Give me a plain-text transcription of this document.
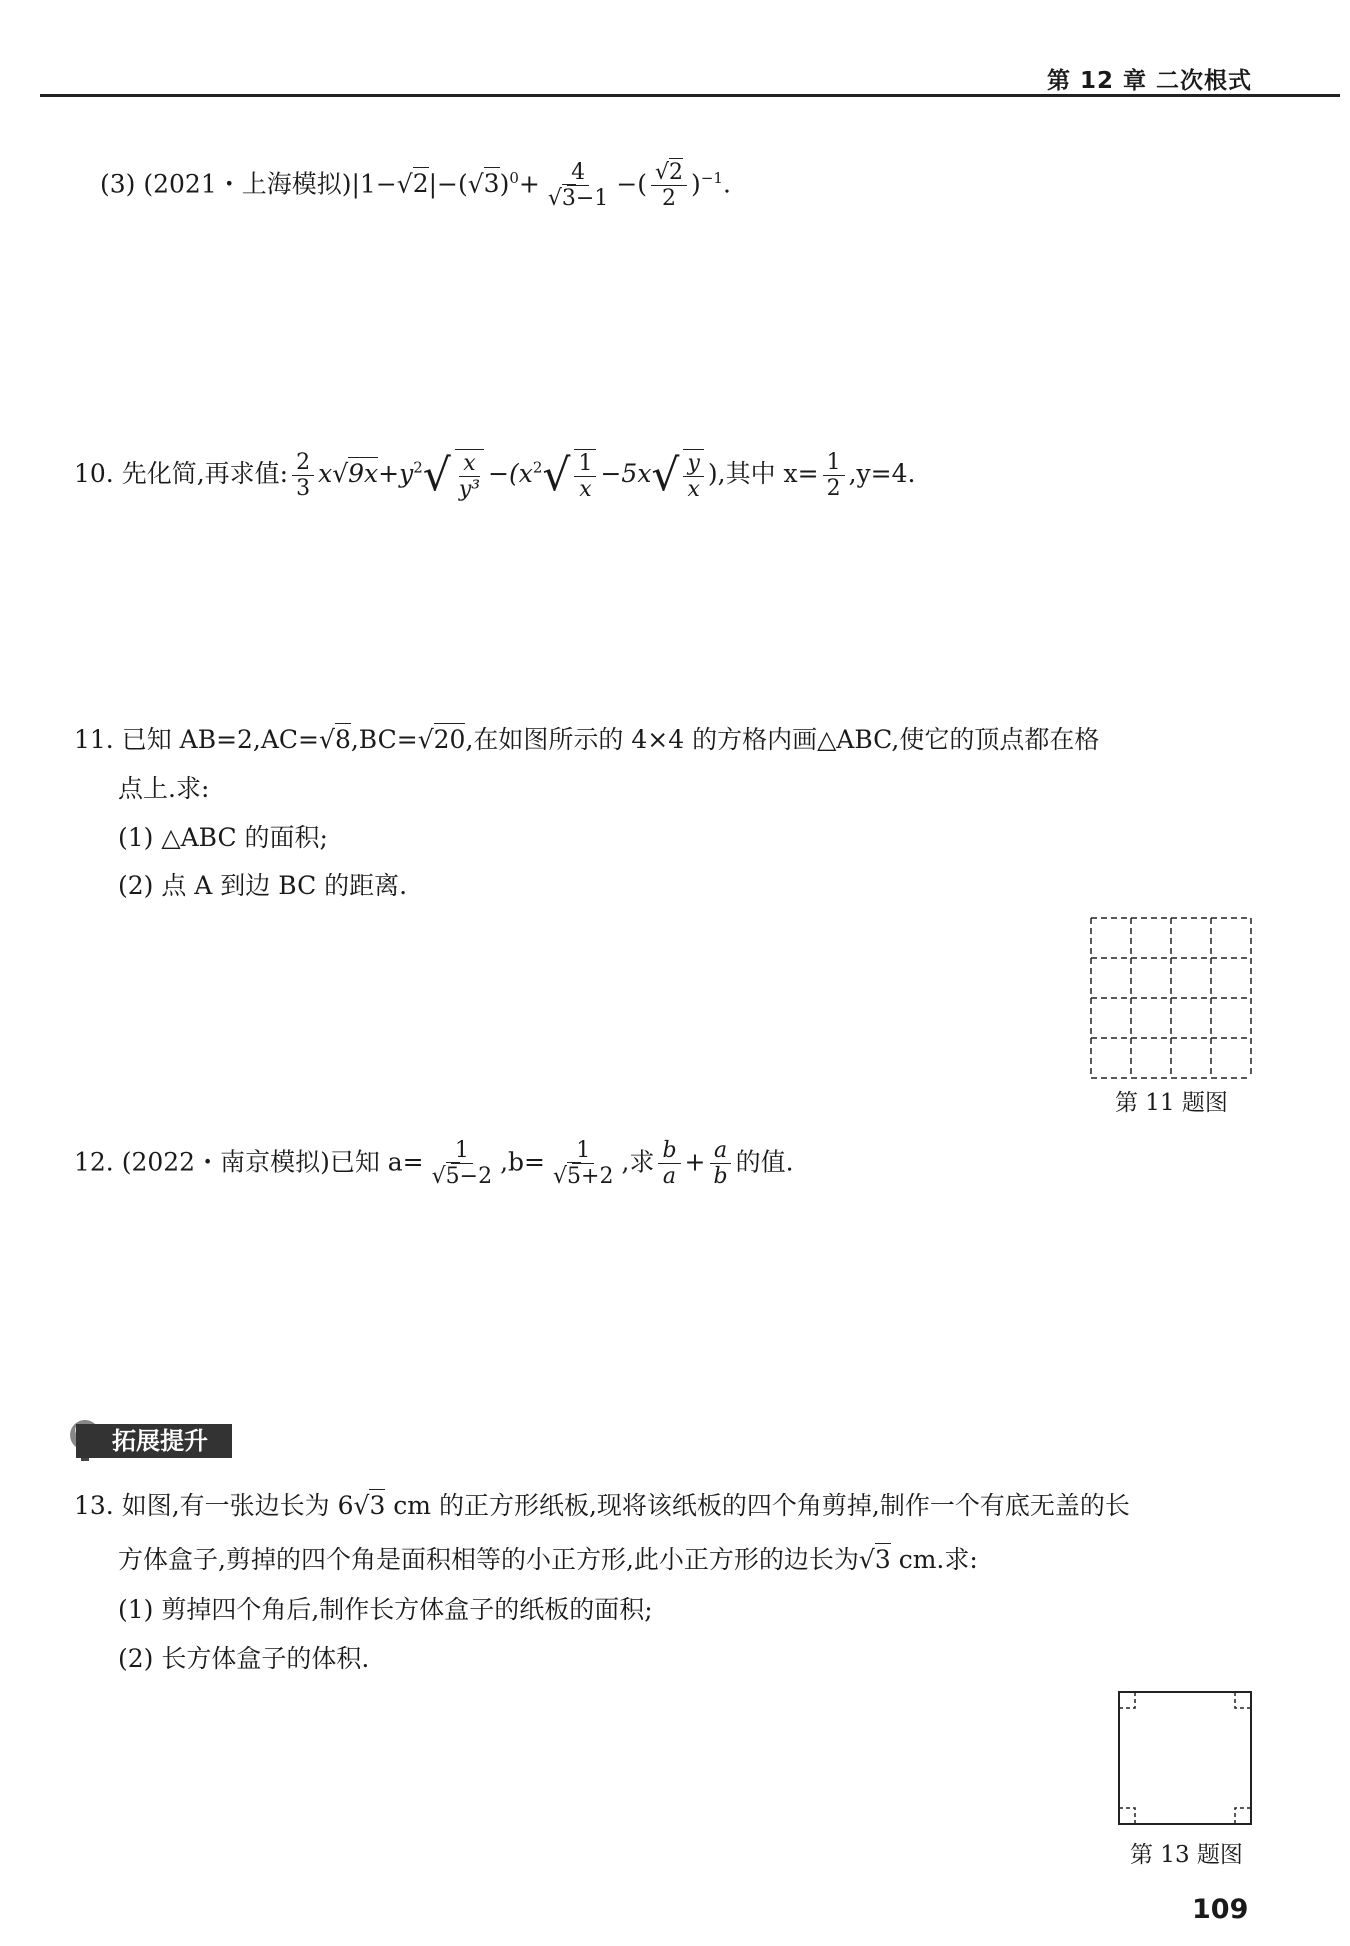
第 12 章 二次根式
(3) (2021・上海模拟)$|1-√2|-(√3)^0+ \frac{4}{√3-1}$ −( $\frac{√2}{2} )^{-1}$.
10. 先化简,再求值: $\frac{2}{3} x√9x+y^2√ \frac{x}{\text{y³}} -(x^2√ \frac{1}{x} -5x√ \frac{y}{x}$ ),其中 $x= \frac{1}{2} ,y=4$.
11. 已知 AB=2,AC=√8,BC=√20,在如图所示的 4×4 的方格内画△ABC,使它的顶点都在格
点上.求:
(1) △ABC 的面积;
(2) 点 A 到边 BC 的距离.
第 11 题图
12. (2022・南京模拟)已知 $a= \frac{1}{√5-2} ,b= \frac{1}{√5+2}$ ,求 $\frac{b}{a} + \frac{a}{b}$ 的值.
拓展提升
13. 如图,有一张边长为 6√3 cm 的正方形纸板,现将该纸板的四个角剪掉,制作一个有底无盖的长
方体盒子,剪掉的四个角是面积相等的小正方形,此小正方形的边长为√3 cm.求:
(1) 剪掉四个角后,制作长方体盒子的纸板的面积;
(2) 长方体盒子的体积.
第 13 题图
109
